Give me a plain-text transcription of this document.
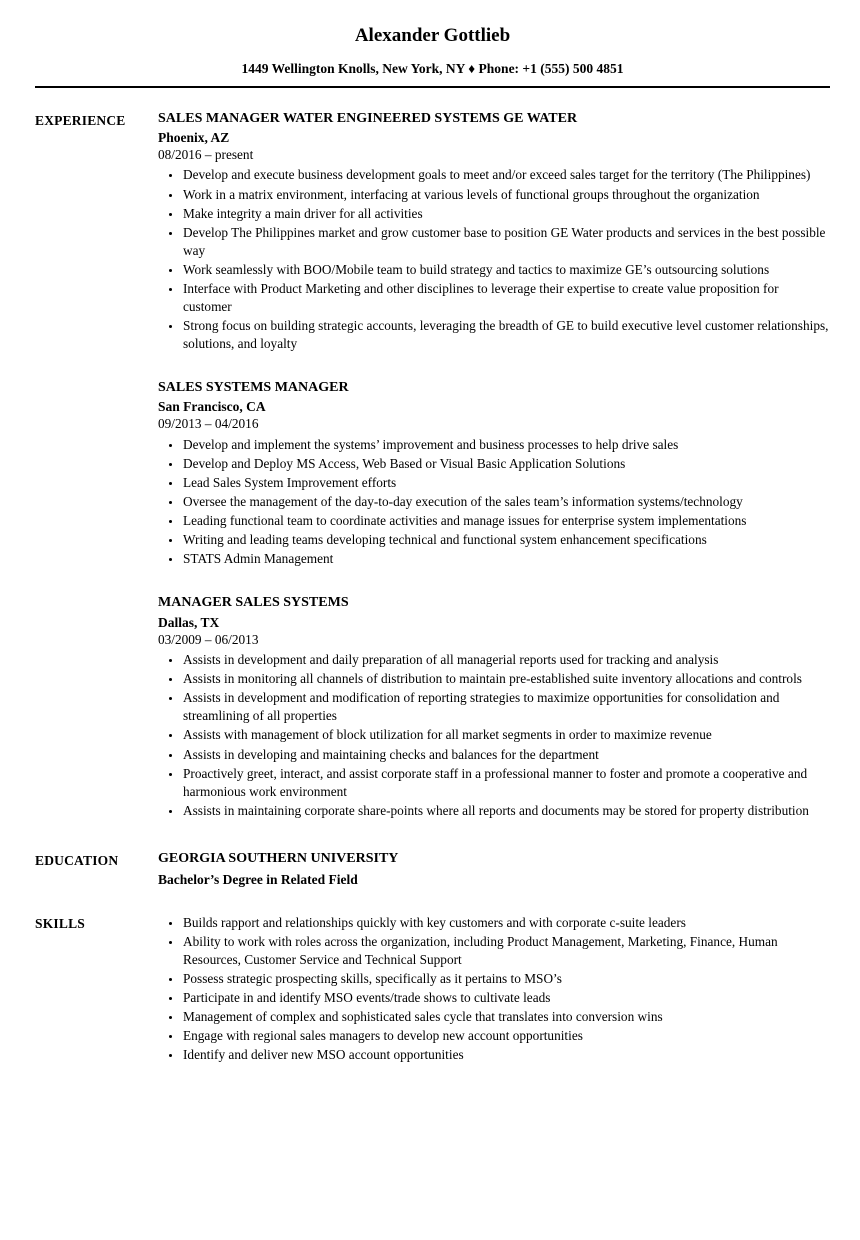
Alexander Gottlieb
1449 Wellington Knolls, New York, NY ♦ Phone: +1 (555) 500 4851
EXPERIENCE	SALES MANAGER WATER ENGINEERED SYSTEMS GE WATER
Phoenix, AZ
08/2016 – present
• Develop and execute business development goals to meet and/or exceed sales target for the territory (The Philippines)
• Work in a matrix environment, interfacing at various levels of functional groups throughout the organization
• Make integrity a main driver for all activities
• Develop The Philippines market and grow customer base to position GE Water products and services in the best possible way
• Work seamlessly with BOO/Mobile team to build strategy and tactics to maximize GE’s outsourcing solutions
• Interface with Product Marketing and other disciplines to leverage their expertise to create value proposition for customer
• Strong focus on building strategic accounts, leveraging the breadth of GE to build executive level customer relationships, solutions, and loyalty
SALES SYSTEMS MANAGER
San Francisco, CA
09/2013 – 04/2016
• Develop and implement the systems’ improvement and business processes to help drive sales
• Develop and Deploy MS Access, Web Based or Visual Basic Application Solutions
• Lead Sales System Improvement efforts
• Oversee the management of the day-to-day execution of the sales team’s information systems/technology
• Leading functional team to coordinate activities and manage issues for enterprise system implementations
• Writing and leading teams developing technical and functional system enhancement specifications
• STATS Admin Management
MANAGER SALES SYSTEMS
Dallas, TX
03/2009 – 06/2013
• Assists in development and daily preparation of all managerial reports used for tracking and analysis
• Assists in monitoring all channels of distribution to maintain pre-established suite inventory allocations and controls
• Assists in development and modification of reporting strategies to maximize opportunities for consolidation and streamlining of all properties
• Assists with management of block utilization for all market segments in order to maximize revenue
• Assists in developing and maintaining checks and balances for the department
• Proactively greet, interact, and assist corporate staff in a professional manner to foster and promote a cooperative and harmonious work environment
• Assists in maintaining corporate share-points where all reports and documents may be stored for property distribution
EDUCATION	GEORGIA SOUTHERN UNIVERSITY
Bachelor’s Degree in Related Field
SKILLS	• Builds rapport and relationships quickly with key customers and with corporate c-suite leaders
• Ability to work with roles across the organization, including Product Management, Marketing, Finance, Human Resources, Customer Service and Technical Support
• Possess strategic prospecting skills, specifically as it pertains to MSO’s
• Participate in and identify MSO events/trade shows to cultivate leads
• Management of complex and sophisticated sales cycle that translates into conversion wins
• Engage with regional sales managers to develop new account opportunities
• Identify and deliver new MSO account opportunities
